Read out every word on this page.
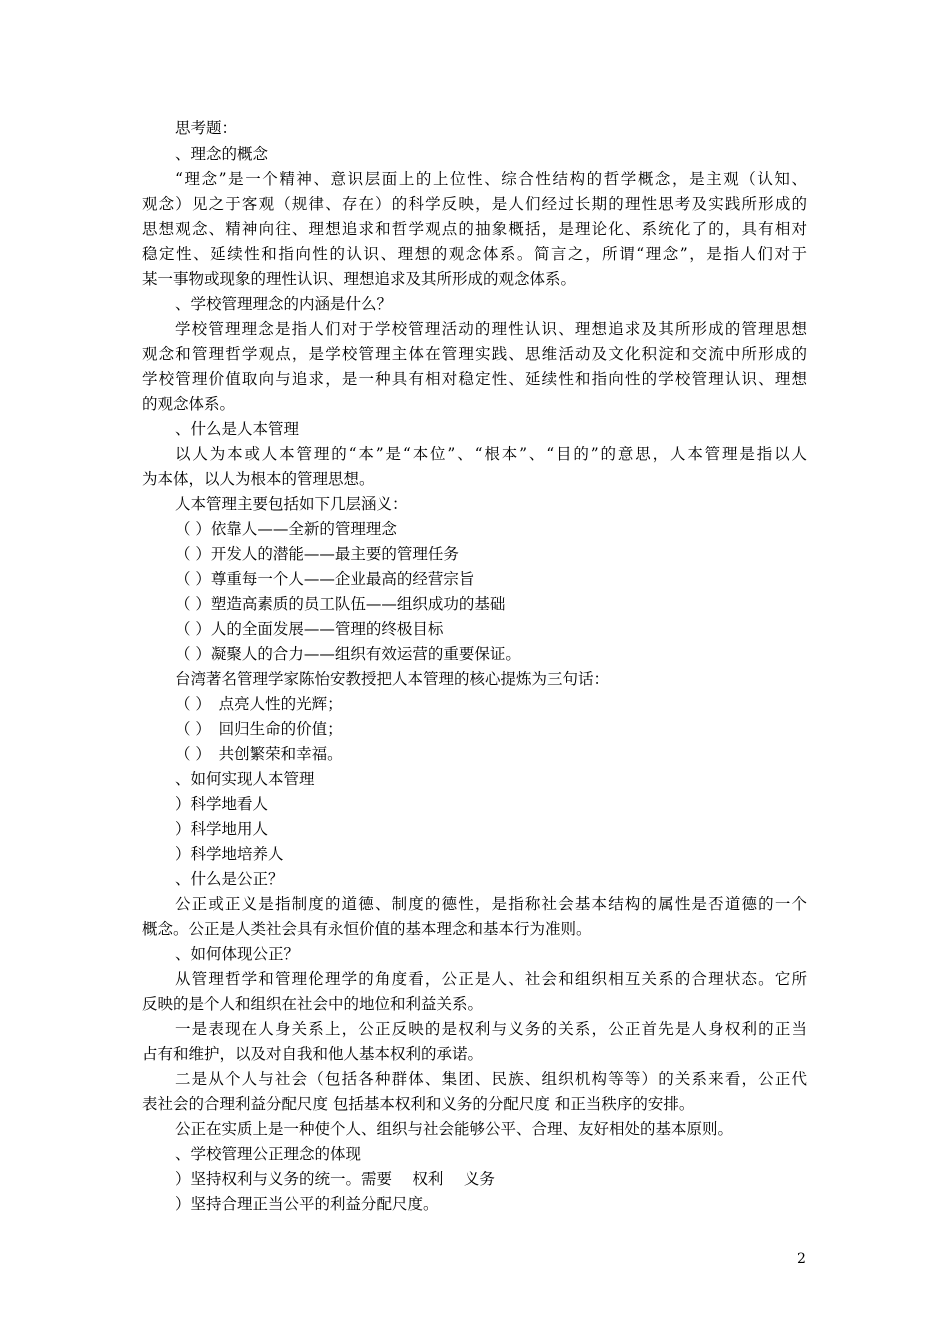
思考题：
、理念的概念
“理念”是一个精神、意识层面上的上位性、综合性结构的哲学概念，是主观（认知、
观念）见之于客观（规律、存在）的科学反映，是人们经过长期的理性思考及实践所形成的
思想观念、精神向往、理想追求和哲学观点的抽象概括，是理论化、系统化了的，具有相对
稳定性、延续性和指向性的认识、理想的观念体系。简言之，所谓“理念”，是指人们对于
某一事物或现象的理性认识、理想追求及其所形成的观念体系。
、学校管理理念的内涵是什么？
学校管理理念是指人们对于学校管理活动的理性认识、理想追求及其所形成的管理思想
观念和管理哲学观点，是学校管理主体在管理实践、思维活动及文化积淀和交流中所形成的
学校管理价值取向与追求，是一种具有相对稳定性、延续性和指向性的学校管理认识、理想
的观念体系。
、什么是人本管理
以人为本或人本管理的“本”是“本位”、“根本”、“目的”的意思，人本管理是指以人
为本体，以人为根本的管理思想。
人本管理主要包括如下几层涵义：
（ ）依靠人——全新的管理理念
（ ）开发人的潜能——最主要的管理任务
（ ）尊重每一个人——企业最高的经营宗旨
（ ）塑造高素质的员工队伍——组织成功的基础
（ ）人的全面发展——管理的终极目标
（ ）凝聚人的合力——组织有效运营的重要保证。
台湾著名管理学家陈怡安教授把人本管理的核心提炼为三句话：
（ ）　点亮人性的光辉；
（ ）　回归生命的价值；
（ ）　共创繁荣和幸福。
、如何实现人本管理
）科学地看人
）科学地用人
）科学地培养人
、什么是公正？
公正或正义是指制度的道德、制度的德性，是指称社会基本结构的属性是否道德的一个
概念。公正是人类社会具有永恒价值的基本理念和基本行为准则。
、如何体现公正？
从管理哲学和管理伦理学的角度看，公正是人、社会和组织相互关系的合理状态。它所
反映的是个人和组织在社会中的地位和利益关系。
一是表现在人身关系上，公正反映的是权利与义务的关系，公正首先是人身权利的正当
占有和维护，以及对自我和他人基本权利的承诺。
二是从个人与社会（包括各种群体、集团、民族、组织机构等等）的关系来看，公正代
表社会的合理利益分配尺度 包括基本权利和义务的分配尺度 和正当秩序的安排。
公正在实质上是一种使个人、组织与社会能够公平、合理、友好相处的基本原则。
、学校管理公正理念的体现
）坚持权利与义务的统一。需要　 权利　 义务
）坚持合理正当公平的利益分配尺度。
2
